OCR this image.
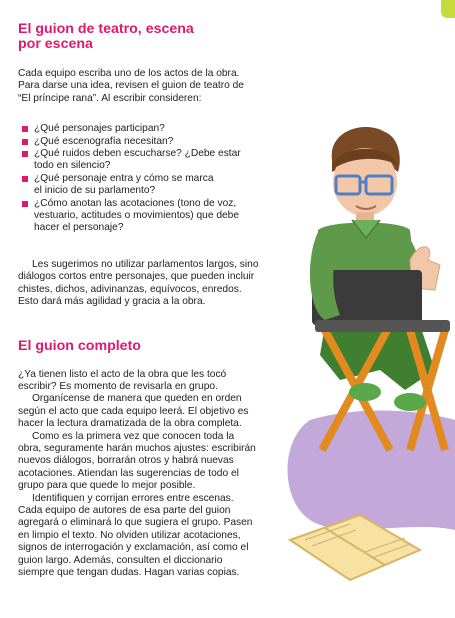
El guion de teatro, escena
por escena

Cada equipo escriba uno de los actos de la obra.
Para darse una idea, revisen el guion de teatro de
“El príncipe rana”. Al escribir consideren:

¿Qué personajes participan?
¿Qué escenografía necesitan?
¿Qué ruidos deben escucharse? ¿Debe estar
todo en silencio?
¿Qué personaje entra y cómo se marca
el inicio de su parlamento?
¿Cómo anotan las acotaciones (tono de voz,
vestuario, actitudes o movimientos) que debe
hacer el personaje?

Les sugerimos no utilizar parlamentos largos, sino
diálogos cortos entre personajes, que pueden incluir
chistes, dichos, adivinanzas, equívocos, enredos.
Esto dará más agilidad y gracia a la obra.

El guion completo

¿Ya tienen listo el acto de la obra que les tocó
escribir? Es momento de revisarla en grupo.

Organícense de manera que queden en orden
según el acto que cada equipo leerá. El objetivo es
hacer la lectura dramatizada de la obra completa.

Como es la primera vez que conocen toda la
obra, seguramente harán muchos ajustes: escribirán
nuevos diálogos, borrarán otros y habrá nuevas
acotaciones. Atiendan las sugerencias de todo el
grupo para que quede lo mejor posible.

Identifiquen y corrijan errores entre escenas.
Cada equipo de autores de esa parte del guion
agregará o eliminará lo que sugiera el grupo. Pasen
en limpio el texto. No olviden utilizar acotaciones,
signos de interrogación y exclamación, así como el
guion largo. Además, consulten el diccionario
siempre que tengan dudas. Hagan varias copias.
